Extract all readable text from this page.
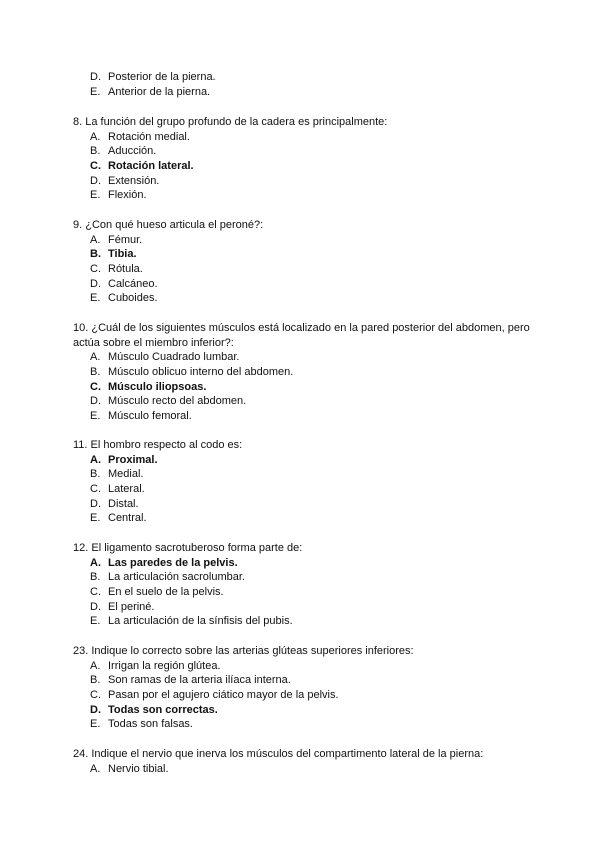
D. Posterior de la pierna.
E. Anterior de la pierna.
8. La función del grupo profundo de la cadera es principalmente:
A. Rotación medial.
B. Aducción.
C. Rotación lateral.
D. Extensión.
E. Flexión.
9. ¿Con qué hueso articula el peroné?:
A. Fémur.
B. Tibia.
C. Rótula.
D. Calcáneo.
E. Cuboides.
10. ¿Cuál de los siguientes músculos está localizado en la pared posterior del abdomen, pero actúa sobre el miembro inferior?:
A. Músculo Cuadrado lumbar.
B. Músculo oblicuo interno del abdomen.
C. Músculo iliopsoas.
D. Músculo recto del abdomen.
E. Músculo femoral.
11. El hombro respecto al codo es:
A. Proximal.
B. Medial.
C. Lateral.
D. Distal.
E. Central.
12. El ligamento sacrotuberoso forma parte de:
A. Las paredes de la pelvis.
B. La articulación sacrolumbar.
C. En el suelo de la pelvis.
D. El periné.
E. La articulación de la sínfisis del pubis.
23. Indique lo correcto sobre las arterias glúteas superiores inferiores:
A. Irrigan la región glútea.
B. Son ramas de la arteria ilíaca interna.
C. Pasan por el agujero ciático mayor de la pelvis.
D. Todas son correctas.
E. Todas son falsas.
24. Indique el nervio que inerva los músculos del compartimento lateral de la pierna:
A. Nervio tibial.
